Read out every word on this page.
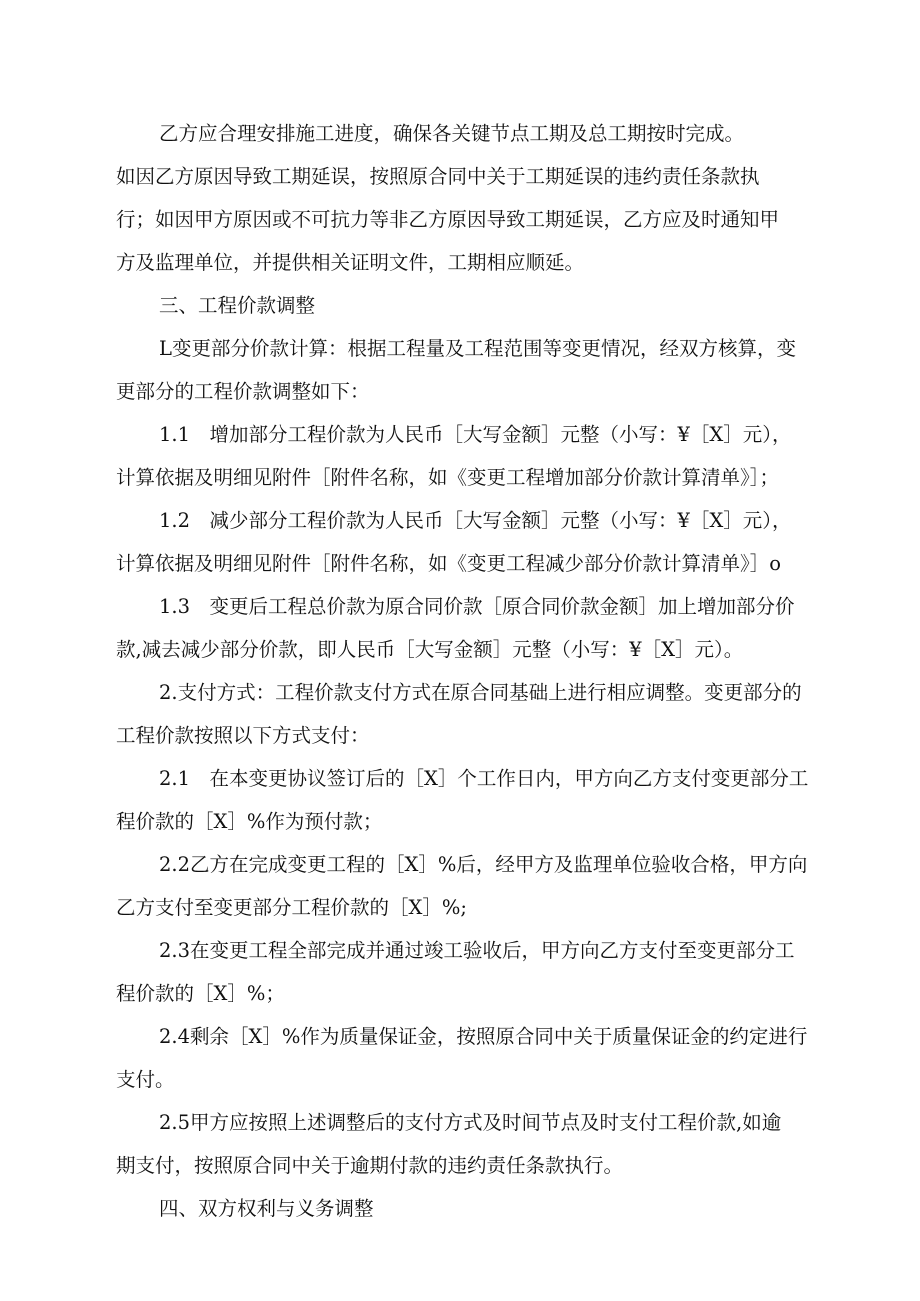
乙方应合理安排施工进度，确保各关键节点工期及总工期按时完成。
如因乙方原因导致工期延误，按照原合同中关于工期延误的违约责任条款执
行；如因甲方原因或不可抗力等非乙方原因导致工期延误，乙方应及时通知甲
方及监理单位，并提供相关证明文件，工期相应顺延。
三、工程价款调整
L变更部分价款计算：根据工程量及工程范围等变更情况，经双方核算，变
更部分的工程价款调整如下：
1.1　增加部分工程价款为人民币［大写金额］元整（小写：¥［X］元），
计算依据及明细见附件［附件名称，如《变更工程增加部分价款计算清单》］；
1.2　减少部分工程价款为人民币［大写金额］元整（小写：¥［X］元），
计算依据及明细见附件［附件名称，如《变更工程减少部分价款计算清单》］o
1.3　变更后工程总价款为原合同价款［原合同价款金额］加上增加部分价
款,减去减少部分价款，即人民币［大写金额］元整（小写：¥［X］元）。
2.支付方式：工程价款支付方式在原合同基础上进行相应调整。变更部分的
工程价款按照以下方式支付：
2.1　在本变更协议签订后的［X］个工作日内，甲方向乙方支付变更部分工
程价款的［X］%作为预付款；
2.2乙方在完成变更工程的［X］%后，经甲方及监理单位验收合格，甲方向
乙方支付至变更部分工程价款的［X］%;
2.3在变更工程全部完成并通过竣工验收后，甲方向乙方支付至变更部分工
程价款的［X］%；
2.4剩余［X］%作为质量保证金，按照原合同中关于质量保证金的约定进行
支付。
2.5甲方应按照上述调整后的支付方式及时间节点及时支付工程价款,如逾
期支付，按照原合同中关于逾期付款的违约责任条款执行。
四、双方权利与义务调整
